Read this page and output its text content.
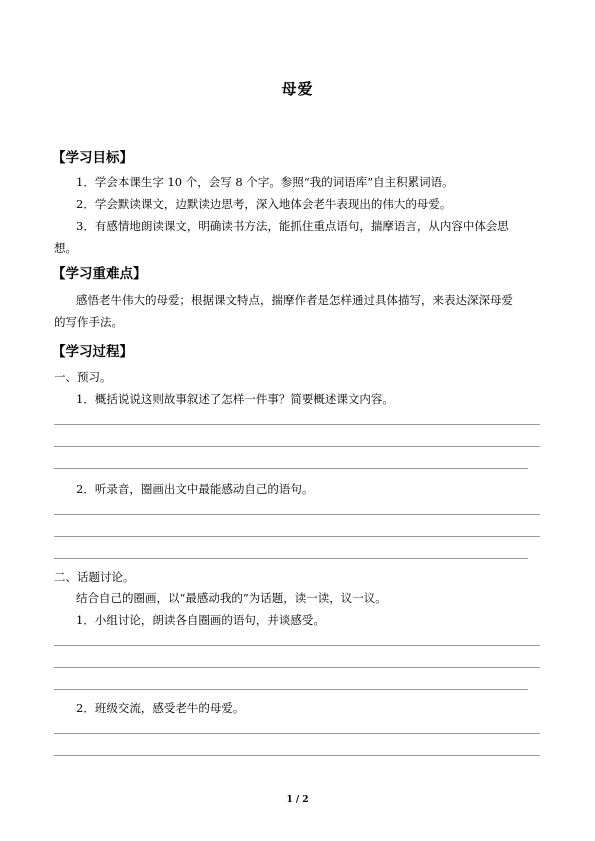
母爱
【学习目标】
1．学会本课生字 10 个，会写 8 个字。参照“我的词语库”自主积累词语。
2．学会默读课文，边默读边思考，深入地体会老牛表现出的伟大的母爱。
3．有感情地朗读课文，明确读书方法，能抓住重点语句，揣摩语言，从内容中体会思
想。
【学习重难点】
感悟老牛伟大的母爱；根据课文特点，揣摩作者是怎样通过具体描写，来表达深深母爱
的写作手法。
【学习过程】
一、预习。
1．概括说说这则故事叙述了怎样一件事？简要概述课文内容。
2．听录音，圈画出文中最能感动自己的语句。
二、话题讨论。
结合自己的圈画，以“最感动我的”为话题，读一读，议一议。
1．小组讨论，朗读各自圈画的语句，并谈感受。
2．班级交流，感受老牛的母爱。
1 / 2
